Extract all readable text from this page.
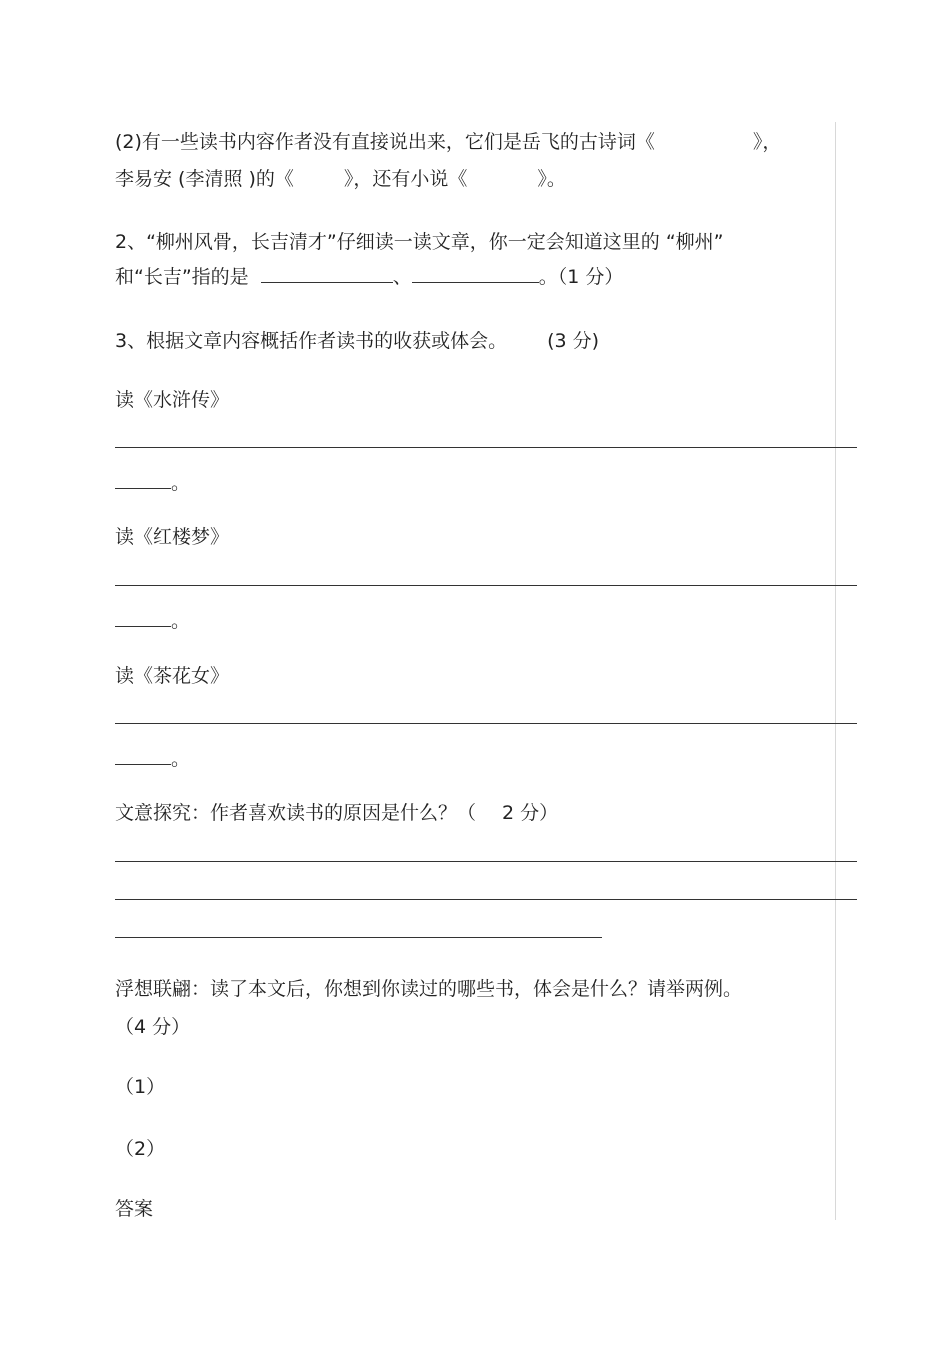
(2)有一些读书内容作者没有直接说出来，它们是岳飞的古诗词《	》，
李易安 (李清照 )的《	》，还有小说《	》。
2、“柳州风骨，长吉清才”仔细读一读文章，你一定会知道这里的 “柳州”
和“长吉”指的是	、	。（1 分）
3、根据文章内容概括作者读书的收获或体会。 (3 分)
读《水浒传》
。
读《红楼梦》
。
读《茶花女》
。
文意探究：作者喜欢读书的原因是什么？（ 2 分）
浮想联翩：读了本文后，你想到你读过的哪些书，体会是什么？请举两例。
（4 分）
（1）
（2）
答案
